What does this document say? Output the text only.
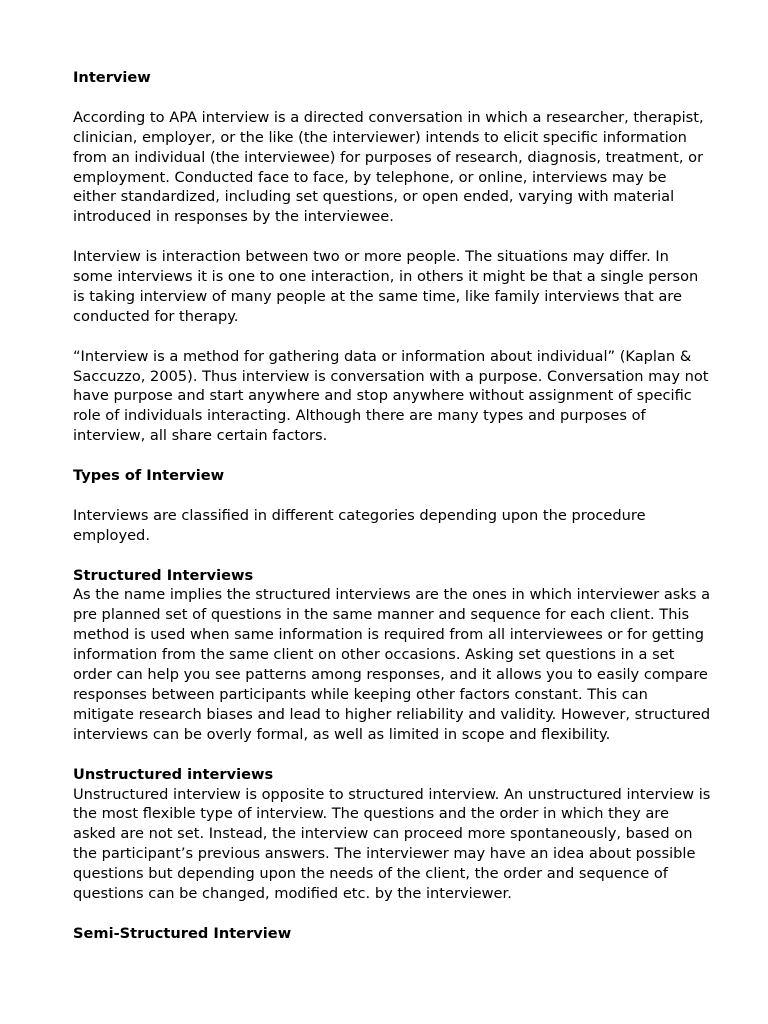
Interview

According to APA interview is a directed conversation in which a researcher, therapist, clinician, employer, or the like (the interviewer) intends to elicit specific information from an individual (the interviewee) for purposes of research, diagnosis, treatment, or employment. Conducted face to face, by telephone, or online, interviews may be either standardized, including set questions, or open ended, varying with material introduced in responses by the interviewee.

Interview is interaction between two or more people. The situations may differ. In some interviews it is one to one interaction, in others it might be that a single person is taking interview of many people at the same time, like family interviews that are conducted for therapy.

“Interview is a method for gathering data or information about individual” (Kaplan & Saccuzzo, 2005). Thus interview is conversation with a purpose. Conversation may not have purpose and start anywhere and stop anywhere without assignment of specific role of individuals interacting. Although there are many types and purposes of interview, all share certain factors.

Types of Interview

Interviews are classified in different categories depending upon the procedure employed.

Structured Interviews

As the name implies the structured interviews are the ones in which interviewer asks a pre planned set of questions in the same manner and sequence for each client. This method is used when same information is required from all interviewees or for getting information from the same client on other occasions. Asking set questions in a set order can help you see patterns among responses, and it allows you to easily compare responses between participants while keeping other factors constant. This can mitigate research biases and lead to higher reliability and validity. However, structured interviews can be overly formal, as well as limited in scope and flexibility.

Unstructured interviews

Unstructured interview is opposite to structured interview. An unstructured interview is the most flexible type of interview. The questions and the order in which they are asked are not set. Instead, the interview can proceed more spontaneously, based on the participant’s previous answers. The interviewer may have an idea about possible questions but depending upon the needs of the client, the order and sequence of questions can be changed, modified etc. by the interviewer.

Semi-Structured Interview
